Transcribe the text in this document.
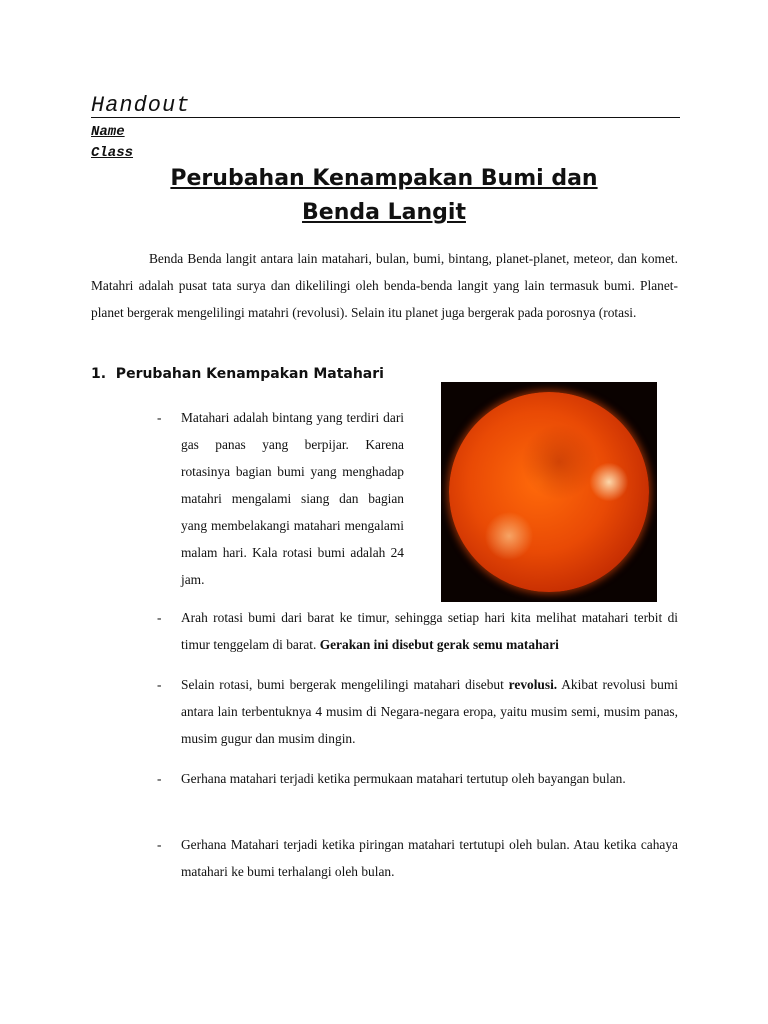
Handout
Name
Class
Perubahan Kenampakan Bumi dan
Benda Langit

Benda Benda langit antara lain matahari, bulan, bumi, bintang, planet-planet, meteor, dan komet. Matahri adalah pusat tata surya dan dikelilingi oleh benda-benda langit yang lain termasuk bumi. Planet-planet bergerak mengelilingi matahri (revolusi). Selain itu planet juga bergerak pada porosnya (rotasi.

1.  Perubahan Kenampakan Matahari
- Matahari adalah bintang yang terdiri dari gas panas yang berpijar. Karena rotasinya bagian bumi yang menghadap matahri mengalami siang dan bagian yang membelakangi matahari mengalami malam hari. Kala rotasi bumi adalah 24 jam.

- Arah rotasi bumi dari barat ke timur, sehingga setiap hari kita melihat matahari terbit di timur tenggelam di barat. Gerakan ini disebut gerak semu matahari

- Selain rotasi, bumi bergerak mengelilingi matahari disebut revolusi. Akibat revolusi bumi antara lain terbentuknya 4 musim di Negara-negara eropa, yaitu musim semi, musim panas, musim gugur dan musim dingin.

- Gerhana matahari terjadi ketika permukaan matahari tertutup oleh bayangan bulan.

- Gerhana Matahari terjadi ketika piringan matahari tertutupi oleh bulan. Atau ketika cahaya matahari ke bumi terhalangi oleh bulan.
